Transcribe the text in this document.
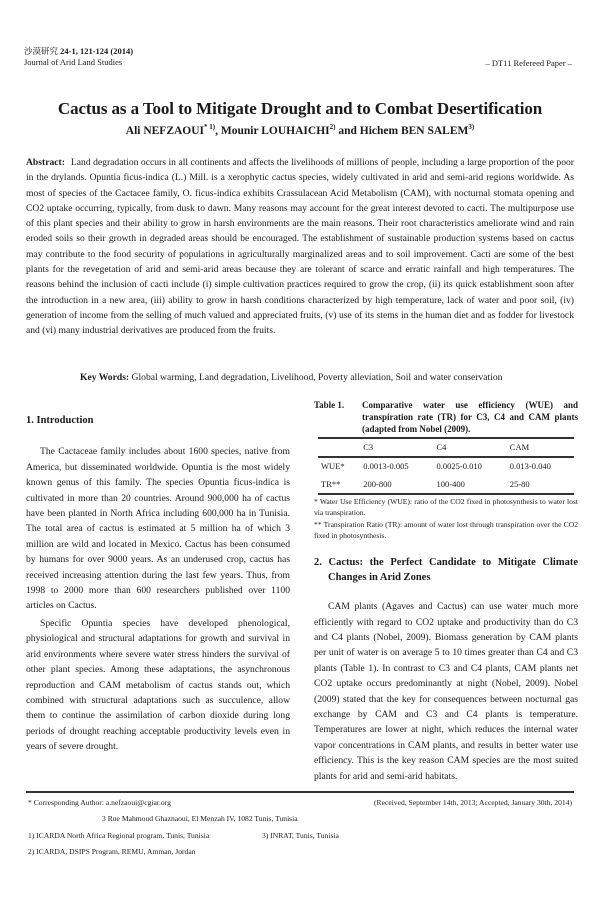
沙漠研究 24-1, 121-124 (2014)
Journal of Arid Land Studies	– DT11 Refereed Paper –
Cactus as a Tool to Mitigate Drought and to Combat Desertification
Ali NEFZAOUI$^{* 1)}$, Mounir LOUHAICHI$^{2)}$ and Hichem BEN SALEM$^{3)}$
Abstract: Land degradation occurs in all continents and affects the livelihoods of millions of people, including a large proportion of the poor in the drylands. Opuntia ficus-indica (L.) Mill. is a xerophytic cactus species, widely cultivated in arid and semi-arid regions worldwide. As most of species of the Cactacee family, O. ficus-indica exhibits Crassulacean Acid Metabolism (CAM), with nocturnal stomata opening and CO2 uptake occurring, typically, from dusk to dawn. Many reasons may account for the great interest devoted to cacti. The multipurpose use of this plant species and their ability to grow in harsh environments are the main reasons. Their root characteristics ameliorate wind and rain eroded soils so their growth in degraded areas should be encouraged. The establishment of sustainable production systems based on cactus may contribute to the food security of populations in agriculturally marginalized areas and to soil improvement. Cacti are some of the best plants for the revegetation of arid and semi-arid areas because they are tolerant of scarce and erratic rainfall and high temperatures. The reasons behind the inclusion of cacti include (i) simple cultivation practices required to grow the crop, (ii) its quick establishment soon after the introduction in a new area, (iii) ability to grow in harsh conditions characterized by high temperature, lack of water and poor soil, (iv) generation of income from the selling of much valued and appreciated fruits, (v) use of its stems in the human diet and as fodder for livestock and (vi) many industrial derivatives are produced from the fruits.
Key Words: Global warming, Land degradation, Livelihood, Poverty alleviation, Soil and water conservation
1. Introduction

The Cactaceae family includes about 1600 species, native from America, but disseminated worldwide. Opuntia is the most widely known genus of this family. The species Opuntia ficus-indica is cultivated in more than 20 countries. Around 900,000 ha of cactus have been planted in North Africa including 600,000 ha in Tunisia. The total area of cactus is estimated at 5 million ha of which 3 million are wild and located in Mexico. Cactus has been consumed by humans for over 9000 years. As an underused crop, cactus has received increasing attention during the last few years. Thus, from 1998 to 2000 more than 600 researchers published over 1100 articles on Cactus.

Specific Opuntia species have developed phenological, physiological and structural adaptations for growth and survival in arid environments where severe water stress hinders the survival of other plant species. Among these adaptations, the asynchronous reproduction and CAM metabolism of cactus stands out, which combined with structural adaptations such as succulence, allow them to continue the assimilation of carbon dioxide during long periods of drought reaching acceptable productivity levels even in years of severe drought.

Table 1.	Comparative water use efficiency (WUE) and transpiration rate (TR) for C3, C4 and CAM plants (adapted from Nobel (2009).
	C3	C4	CAM
WUE*	0.0013-0.005	0.0025-0.010	0.013-0.040
TR**	200-800	100-400	25-80
* Water Use Efficiency (WUE): ratio of the CO2 fixed in photosynthesis to water lost via transpiration.
** Transpiration Ratio (TR): amount of water lost through transpiration over the CO2 fixed in photosynthesis.
2. Cactus: the Perfect Candidate to Mitigate Climate Changes in Arid Zones

CAM plants (Agaves and Cactus) can use water much more efficiently with regard to CO2 uptake and productivity than do C3 and C4 plants (Nobel, 2009). Biomass generation by CAM plants per unit of water is on average 5 to 10 times greater than C4 and C3 plants (Table 1). In contrast to C3 and C4 plants, CAM plants net CO2 uptake occurs predominantly at night (Nobel, 2009). Nobel (2009) stated that the key for consequences between nocturnal gas exchange by CAM and C3 and C4 plants is temperature. Temperatures are lower at night, which reduces the internal water vapor concentrations in CAM plants, and results in better water use efficiency. This is the key reason CAM species are the most suited plants for arid and semi-arid habitats.

* Corresponding Author: a.nefzaoui@cgiar.org	(Received, September 14th, 2013; Accepted, January 30th, 2014)
3 Rue Mahmoud Ghaznaoui, El Menzah IV, 1082 Tunis, Tunisia
1) ICARDA North Africa Regional program, Tunis, Tunisia	3) INRAT, Tunis, Tunisia
2) ICARDA, DSIPS Program, REMU, Amman, Jordan
